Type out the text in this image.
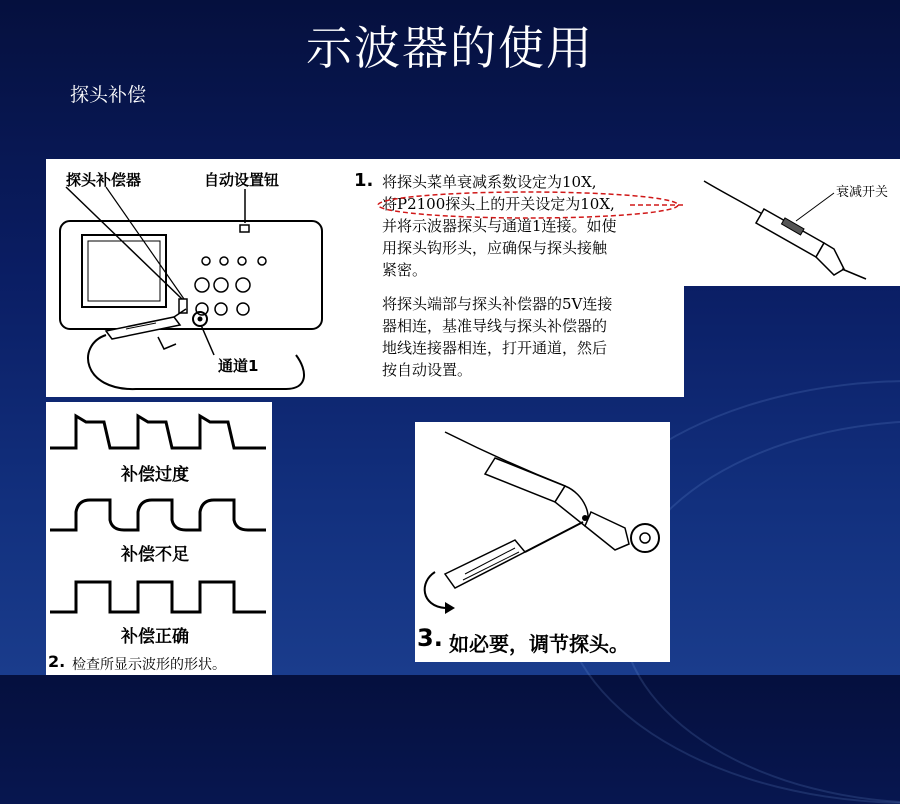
示波器的使用
探头补偿
探头补偿器	自动设置钮
通道1
1. 将探头菜单衰减系数设定为10X,
将P2100探头上的开关设定为10X,
并将示波器探头与通道1连接。如使
用探头钩形头，应确保与探头接触
紧密。
将探头端部与探头补偿器的5V连接
器相连，基准导线与探头补偿器的
地线连接器相连，打开通道，然后
按自动设置。
衰减开关
补偿过度
补偿不足
补偿正确
2. 检查所显示波形的形状。
3. 如必要，调节探头。
